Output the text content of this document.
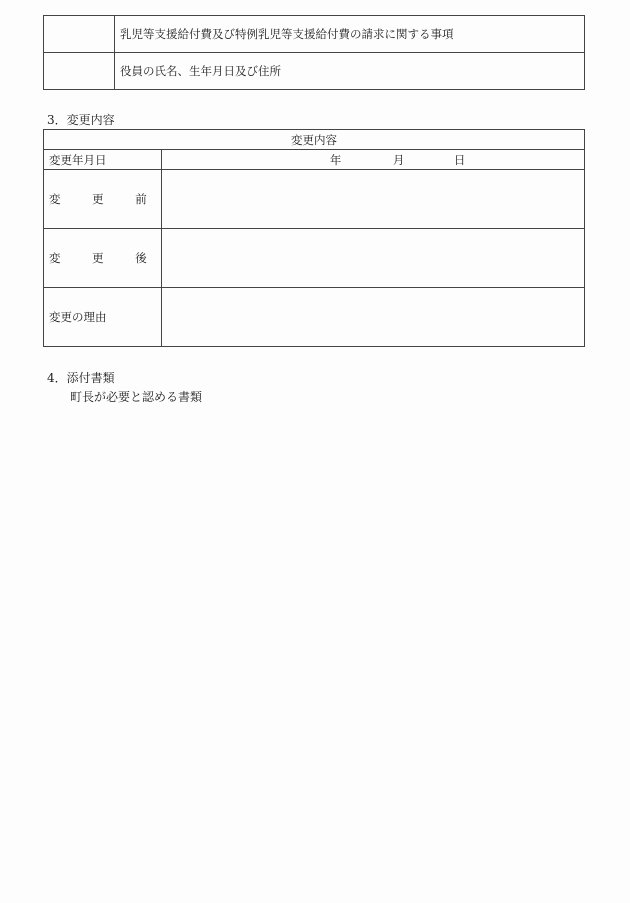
	乳児等支援給付費及び特例乳児等支援給付費の請求に関する事項
	役員の氏名、生年月日及び住所
3．変更内容
変更内容	
変更年月日	年 月 日

変 更 前	
変 更 後	
変更の理由	
4．添付書類
町長が必要と認める書類
